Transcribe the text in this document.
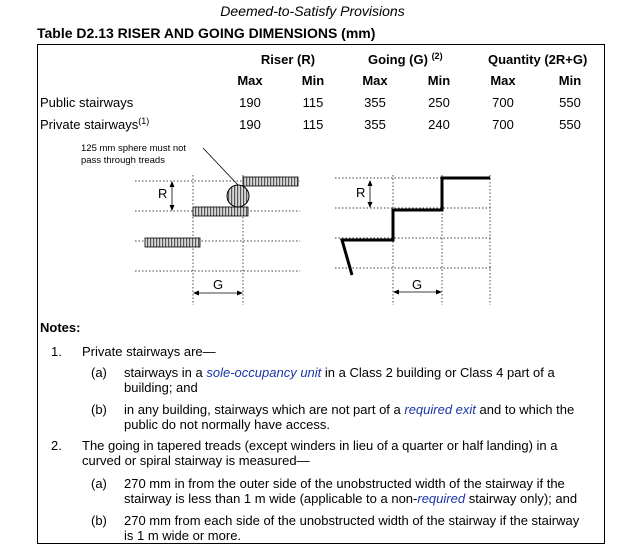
Deemed-to-Satisfy Provisions
Table D2.13 RISER AND GOING DIMENSIONS (mm)
Riser (R)	Going (G) $^{(2)}$	Quantity (2R+G)
Max	Min	Max	Min	Max	Min
Public stairways	190	115	355	250	700	550
Private stairways$^{(1)}$	190	115	355	240	700	550
125 mm sphere must not
pass through treads
R
G
R
G
Notes:
1. Private stairways are—
(a) stairways in a sole-occupancy unit in a Class 2 building or Class 4 part of a
building; and
(b) in any building, stairways which are not part of a required exit and to which the
public do not normally have access.
2. The going in tapered treads (except winders in lieu of a quarter or half landing) in a
curved or spiral stairway is measured—
(a) 270 mm in from the outer side of the unobstructed width of the stairway if the
stairway is less than 1 m wide (applicable to a non-required stairway only); and
(b) 270 mm from each side of the unobstructed width of the stairway if the stairway
is 1 m wide or more.
